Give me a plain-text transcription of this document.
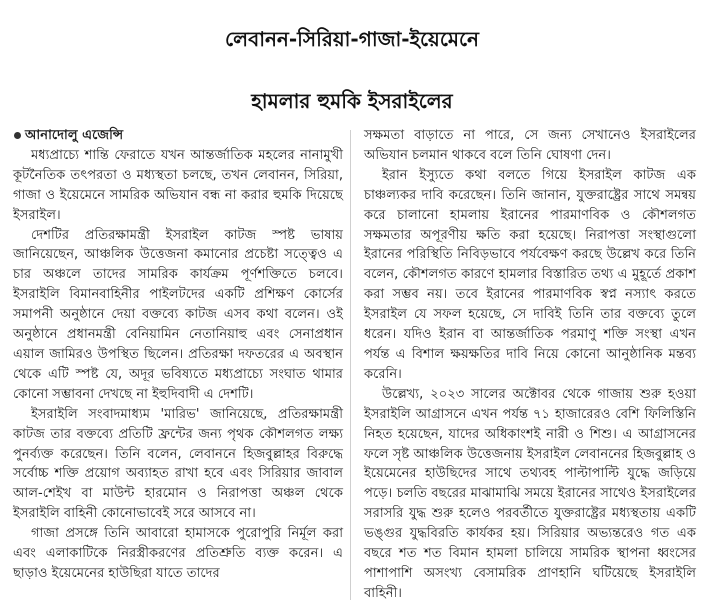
লেবানন-সিরিয়া-গাজা-ইয়েমেনে
হামলার হুমকি ইসরাইলের

আনাদোলু এজেন্সি

মধ্যপ্রাচ্যে শান্তি ফেরাতে যখন আন্তর্জাতিক মহলের নানামুখী কূটনৈতিক তৎপরতা ও মধ্যস্থতা চলছে, তখন লেবানন, সিরিয়া, গাজা ও ইয়েমেনে সামরিক অভিযান বন্ধ না করার হুমকি দিয়েছে ইসরাইল।

দেশটির প্রতিরক্ষামন্ত্রী ইসরাইল কাটজ স্পষ্ট ভাষায় জানিয়েছেন, আঞ্চলিক উত্তেজনা কমানোর প্রচেষ্টা সত্ত্বেও এ চার অঞ্চলে তাদের সামরিক কার্যক্রম পূর্ণশক্তিতে চলবে। ইসরাইলি বিমানবাহিনীর পাইলটদের একটি প্রশিক্ষণ কোর্সের সমাপনী অনুষ্ঠানে দেয়া বক্তব্যে কাটজ এসব কথা বলেন। ওই অনুষ্ঠানে প্রধানমন্ত্রী বেনিয়ামিন নেতানিয়াহু এবং সেনাপ্রধান এয়াল জামিরও উপস্থিত ছিলেন। প্রতিরক্ষা দফতরের এ অবস্থান থেকে এটি স্পষ্ট যে, অদূর ভবিষ্যতে মধ্যপ্রাচ্যে সংঘাত থামার কোনো সম্ভাবনা দেখছে না ইহুদিবাদী এ দেশটি।

ইসরাইলি সংবাদমাধ্যম 'মারিভ' জানিয়েছে, প্রতিরক্ষামন্ত্রী কাটজ তার বক্তব্যে প্রতিটি ফ্রন্টের জন্য পৃথক কৌশলগত লক্ষ্য পুনর্ব্যক্ত করেছেন। তিনি বলেন, লেবাননে হিজবুল্লাহর বিরুদ্ধে সর্বোচ্চ শক্তি প্রয়োগ অব্যাহত রাখা হবে এবং সিরিয়ার জাবাল আল-শেইখ বা মাউন্ট হারমোন ও নিরাপত্তা অঞ্চল থেকে ইসরাইলি বাহিনী কোনোভাবেই সরে আসবে না।

গাজা প্রসঙ্গে তিনি আবারো হামাসকে পুরোপুরি নির্মূল করা এবং এলাকাটিকে নিরস্ত্রীকরণের প্রতিশ্রুতি ব্যক্ত করেন। এ ছাড়াও ইয়েমেনের হাউছিরা যাতে তাদের

সক্ষমতা বাড়াতে না পারে, সে জন্য সেখানেও ইসরাইলের অভিযান চলমান থাকবে বলে তিনি ঘোষণা দেন।

ইরান ইস্যুতে কথা বলতে গিয়ে ইসরাইল কাটজ এক চাঞ্চল্যকর দাবি করেছেন। তিনি জানান, যুক্তরাষ্ট্রের সাথে সমন্বয় করে চালানো হামলায় ইরানের পারমাণবিক ও কৌশলগত সক্ষমতার অপূরণীয় ক্ষতি করা হয়েছে। নিরাপত্তা সংস্থাগুলো ইরানের পরিস্থিতি নিবিড়ভাবে পর্যবেক্ষণ করছে উল্লেখ করে তিনি বলেন, কৌশলগত কারণে হামলার বিস্তারিত তথ্য এ মুহূর্তে প্রকাশ করা সম্ভব নয়। তবে ইরানের পারমাণবিক স্বপ্ন নস্যাৎ করতে ইসরাইল যে সফল হয়েছে, সে দাবিই তিনি তার বক্তব্যে তুলে ধরেন। যদিও ইরান বা আন্তর্জাতিক পরমাণু শক্তি সংস্থা এখন পর্যন্ত এ বিশাল ক্ষয়ক্ষতির দাবি নিয়ে কোনো আনুষ্ঠানিক মন্তব্য করেনি।

উল্লেখ্য, ২০২৩ সালের অক্টোবর থেকে গাজায় শুরু হওয়া ইসরাইলি আগ্রাসনে এখন পর্যন্ত ৭১ হাজারেরও বেশি ফিলিস্তিনি নিহত হয়েছেন, যাদের অধিকাংশই নারী ও শিশু। এ আগ্রাসনের ফলে সৃষ্ট আঞ্চলিক উত্তেজনায় ইসরাইল লেবাননের হিজবুল্লাহ ও ইয়েমেনের হাউছিদের সাথে তথ্যবহ পাল্টাপাল্টি যুদ্ধে জড়িয়ে পড়ে। চলতি বছরের মাঝামাঝি সময়ে ইরানের সাথেও ইসরাইলের সরাসরি যুদ্ধ শুরু হলেও পরবর্তীতে যুক্তরাষ্ট্রের মধ্যস্থতায় একটি ভঙ্গুর যুদ্ধবিরতি কার্যকর হয়। সিরিয়ার অভ্যন্তরেও গত এক বছরে শত শত বিমান হামলা চালিয়ে সামরিক স্থাপনা ধ্বংসের পাশাপাশি অসংখ্য বেসামরিক প্রাণহানি ঘটিয়েছে ইসরাইলি বাহিনী।
